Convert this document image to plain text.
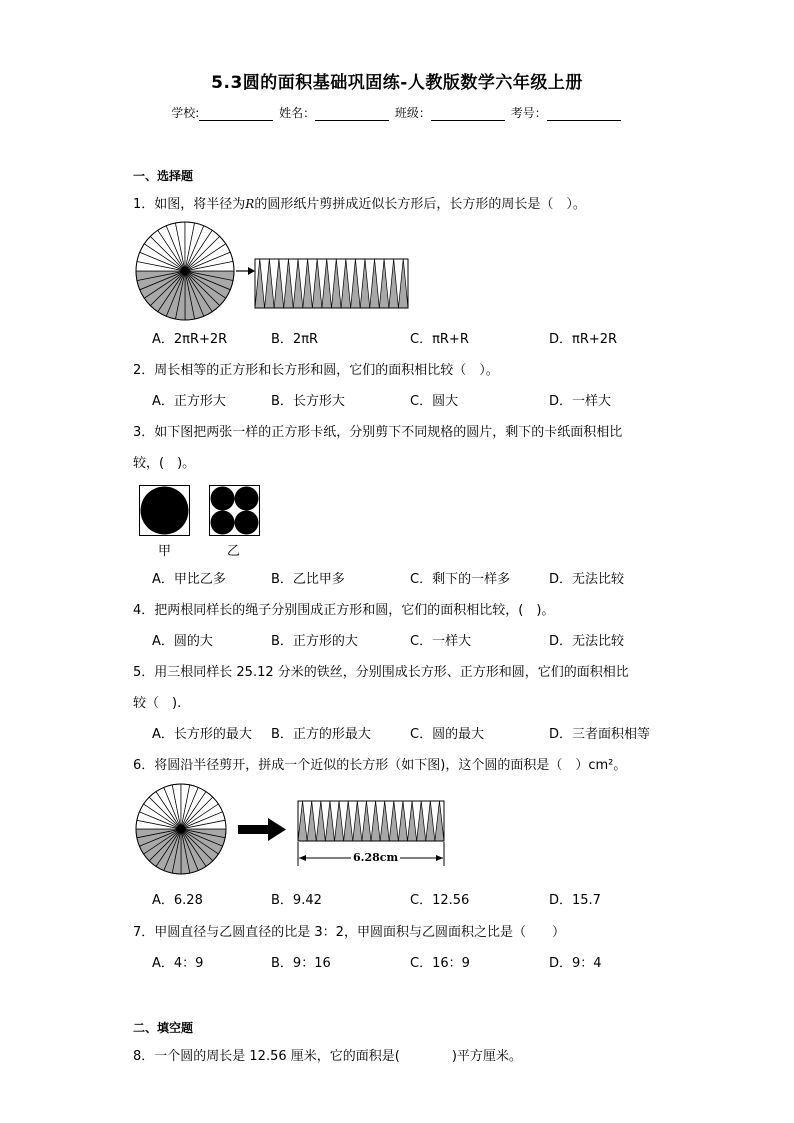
5.3圆的面积基础巩固练-人教版数学六年级上册
学校:	姓名：	班级：	考号：
一、选择题
1．如图，将半径为R的圆形纸片剪拼成近似长方形后，长方形的周长是（　）。
A．2πR+2R	B．2πR	C．πR+R	D．πR+2R
2．周长相等的正方形和长方形和圆，它们的面积相比较（　）。
A．正方形大	B．长方形大	C．圆大	D．一样大
3．如下图把两张一样的正方形卡纸，分别剪下不同规格的圆片，剩下的卡纸面积相比
较，(　)。
甲	乙
A．甲比乙多	B．乙比甲多	C．剩下的一样多	D．无法比较
4．把两根同样长的绳子分别围成正方形和圆，它们的面积相比较，(　)。
A．圆的大	B．正方形的大	C．一样大	D．无法比较
5．用三根同样长 25.12 分米的铁丝，分别围成长方形、正方形和圆，它们的面积相比
较（　).
A．长方形的最大 B．正方的形最大	C．圆的最大	D．三者面积相等
6．将圆沿半径剪开，拼成一个近似的长方形（如下图)，这个圆的面积是（　）cm²。
6.28cm
A．6.28	B．9.42	C．12.56	D．15.7
7．甲圆直径与乙圆直径的比是 3：2，甲圆面积与乙圆面积之比是（　　）
A．4：9	B．9：16	C．16：9	D．9：4
二、填空题
8．一个圆的周长是 12.56 厘米，它的面积是(　　　　)平方厘米。
